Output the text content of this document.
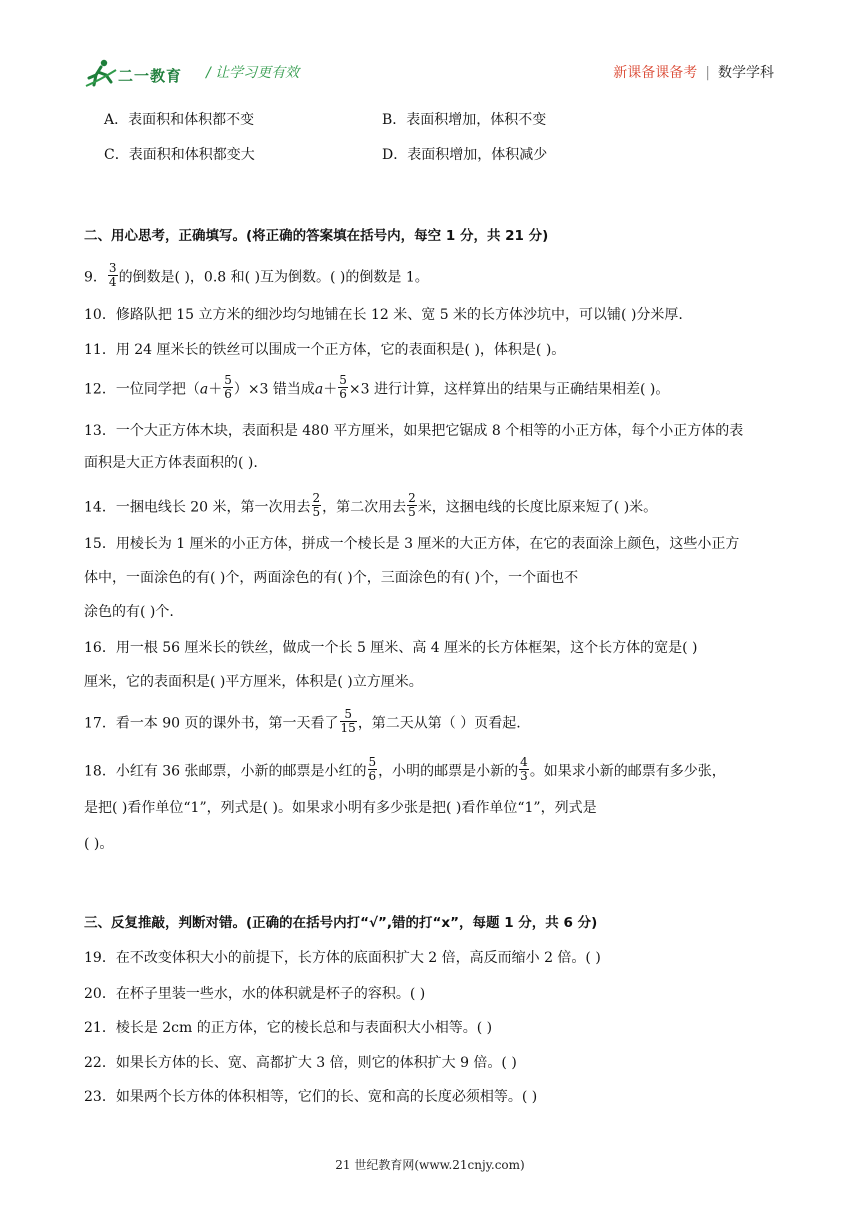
二一教育 / 让学习更有效	新课备课备考 | 数学学科
A．表面积和体积都不变	B．表面积增加，体积不变
C．表面积和体积都变大	D．表面积增加，体积减少
二、用心思考，正确填写。(将正确的答案填在括号内，每空 1 分，共 21 分)
9． $\frac{3}{4}$ 的倒数是( )，0.8 和( )互为倒数。( )的倒数是 1。
10．修路队把 15 立方米的细沙均匀地铺在长 12 米、宽 5 米的长方体沙坑中，可以铺( )分米厚.
11．用 24 厘米长的铁丝可以围成一个正方体，它的表面积是( )，体积是( )。
12．一位同学把$(a+ \frac{5}{6} )\times 3$ 错当成$a+ \frac{5}{6} \times 3$ 进行计算，这样算出的结果与正确结果相差( )。
13．一个大正方体木块，表面积是 480 平方厘米，如果把它锯成 8 个相等的小正方体，每个小正方体的表
面积是大正方体表面积的( ).
14．一捆电线长 20 米，第一次用去 $\frac{2}{5}$ ，第二次用去 $\frac{2}{5}$ 米，这捆电线的长度比原来短了( )米。
15．用棱长为 1 厘米的小正方体，拼成一个棱长是 3 厘米的大正方体，在它的表面涂上颜色，这些小正方
体中，一面涂色的有( )个，两面涂色的有( )个，三面涂色的有( )个，一个面也不
涂色的有( )个.
16．用一根 56 厘米长的铁丝，做成一个长 5 厘米、高 4 厘米的长方体框架，这个长方体的宽是( )
厘米，它的表面积是( )平方厘米，体积是( )立方厘米。
17．看一本 90 页的课外书，第一天看了 $\frac{5}{15}$ ，第二天从第（ ）页看起.
18．小红有 36 张邮票，小新的邮票是小红的 $\frac{5}{6}$ ，小明的邮票是小新的 $\frac{4}{3}$ 。如果求小新的邮票有多少张，
是把( )看作单位“1”，列式是( )。如果求小明有多少张是把( )看作单位“1”，列式是
( )。
三、反复推敲，判断对错。(正确的在括号内打“√”,错的打“x”，每题 1 分，共 6 分)
19．在不改变体积大小的前提下，长方体的底面积扩大 2 倍，高反而缩小 2 倍。( )
20．在杯子里装一些水，水的体积就是杯子的容积。( )
21．棱长是 2cm 的正方体，它的棱长总和与表面积大小相等。( )
22．如果长方体的长、宽、高都扩大 3 倍，则它的体积扩大 9 倍。( )
23．如果两个长方体的体积相等，它们的长、宽和高的长度必须相等。( )
21 世纪教育网(www.21cnjy.com)
